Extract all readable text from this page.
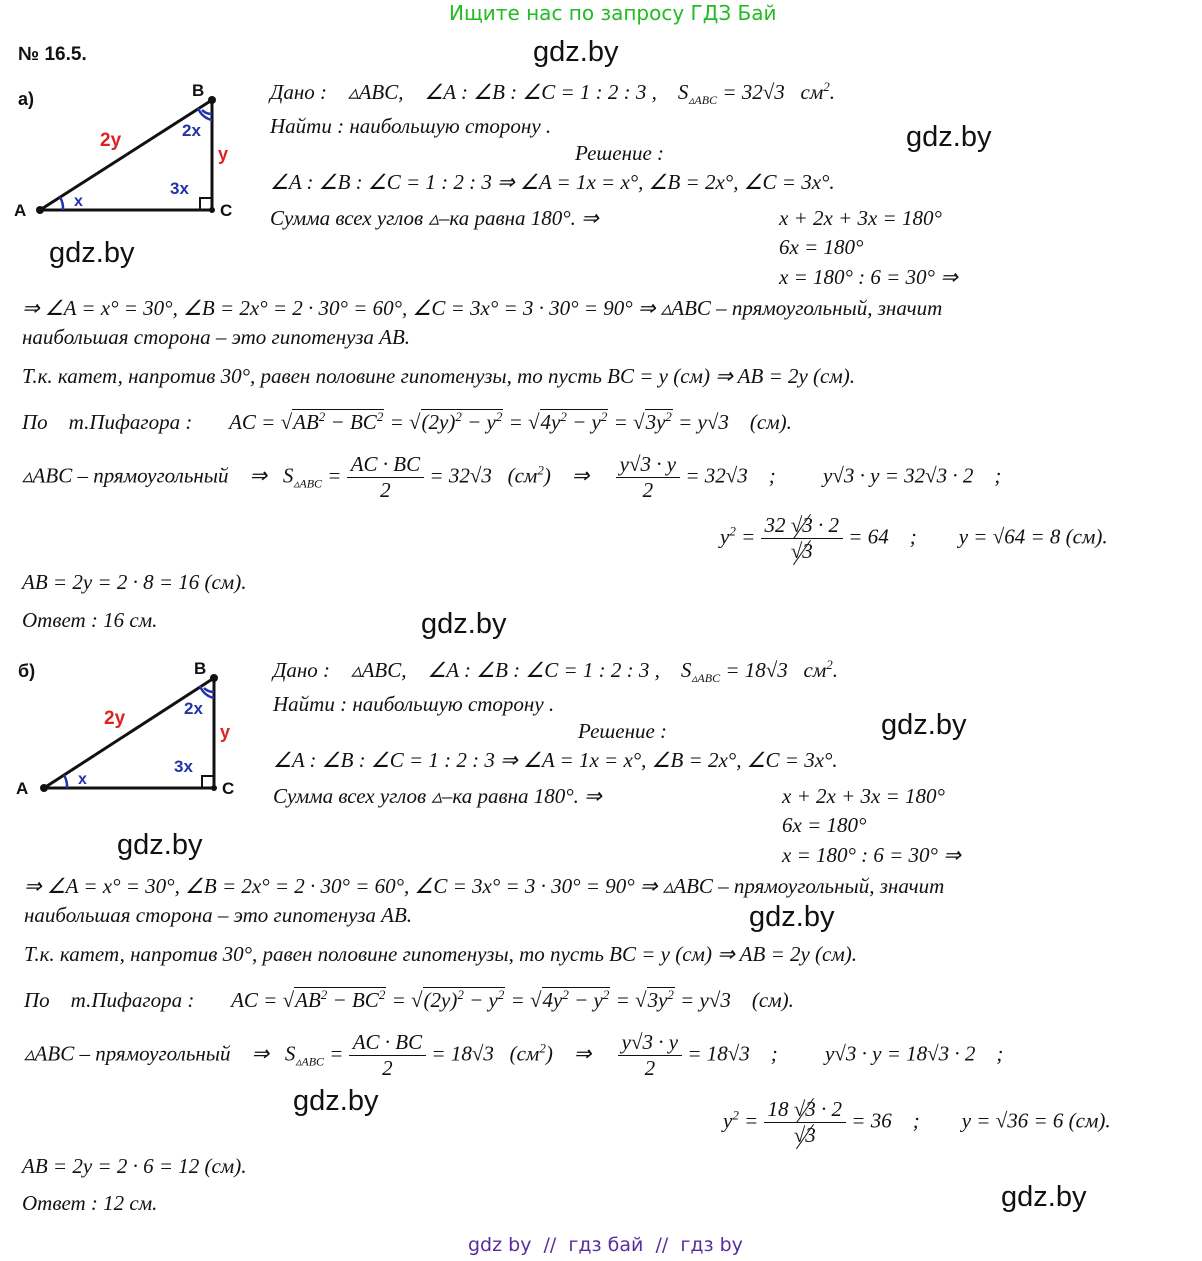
Ищите нас по запросу ГДЗ Бай
№ 16.5.	gdz.by
gdz.by
gdz.by
gdz.by
gdz.by
gdz.by
gdz.by
gdz.by
gdz.by
а)
A
B
C
2y
y
x
2x
3x
Дано : ▵ABC, ∠A : ∠B : ∠C = 1 : 2 : 3 , $S_{▵ABC} = 32√3$ $см^2$.
Найти : наибольшую сторону .
Решение :
∠A : ∠B : ∠C = 1 : 2 : 3 ⇒ ∠A = 1x = x°, ∠B = 2x°, ∠C = 3x°.
Сумма всех углов ▵–ка равна 180°. ⇒	x + 2x + 3x = 180°
6x = 180°
x = 180° : 6 = 30° ⇒
⇒ ∠A = x° = 30°, ∠B = 2x° = 2 · 30° = 60°, ∠C = 3x° = 3 · 30° = 90° ⇒ ▵ABC – прямоугольный, значит
наибольшая сторона – это гипотенуза AB.
Т.к. катет, напротив 30°, равен половине гипотенузы, то пусть BC = y (см) ⇒ AB = 2y (см).
По    т.Пифагора :       AC = $√AB^2 - BC^2 = √(2y)^2 - y^2 = √4y^2 - y^2 = √3y^2 = y√3$    (см).
▵ABC – прямоугольный    ⇒   $S_{▵ABC} = \frac{AC \cdot BC}{2} = 32√3$   $(см^2)$    ⇒ $\frac{y√3 \cdot y}{2} = 32√3$    ;         y√3 · y = 32√3 · 2    ;
$y^2 = \frac{32 √3 \cdot 2}{√3} = 64$    ;        y = √64 = 8 (см).
AB = 2y = 2 · 8 = 16 (см).
Ответ : 16 см.
б)
A
B
C
2y
y
x
2x
3x
Дано : ▵ABC, ∠A : ∠B : ∠C = 1 : 2 : 3 , $S_{▵ABC} = 18√3$ $см^2$.
Найти : наибольшую сторону .
Решение :
∠A : ∠B : ∠C = 1 : 2 : 3 ⇒ ∠A = 1x = x°, ∠B = 2x°, ∠C = 3x°.
Сумма всех углов ▵–ка равна 180°. ⇒	x + 2x + 3x = 180°
6x = 180°
x = 180° : 6 = 30° ⇒
⇒ ∠A = x° = 30°, ∠B = 2x° = 2 · 30° = 60°, ∠C = 3x° = 3 · 30° = 90° ⇒ ▵ABC – прямоугольный, значит
наибольшая сторона – это гипотенуза AB.
Т.к. катет, напротив 30°, равен половине гипотенузы, то пусть BC = y (см) ⇒ AB = 2y (см).
По    т.Пифагора :       AC = $√AB^2 - BC^2 = √(2y)^2 - y^2 = √4y^2 - y^2 = √3y^2 = y√3$    (см).
▵ABC – прямоугольный    ⇒   $S_{▵ABC} = \frac{AC \cdot BC}{2} = 18√3$   $(см^2)$    ⇒ $\frac{y√3 \cdot y}{2} = 18√3$    ;         y√3 · y = 18√3 · 2    ;
$y^2 = \frac{18 √3 \cdot 2}{√3} = 36$    ;        y = √36 = 6 (см).
AB = 2y = 2 · 6 = 12 (см).
Ответ : 12 см.
gdz by  //  гдз бай  //  гдз by
